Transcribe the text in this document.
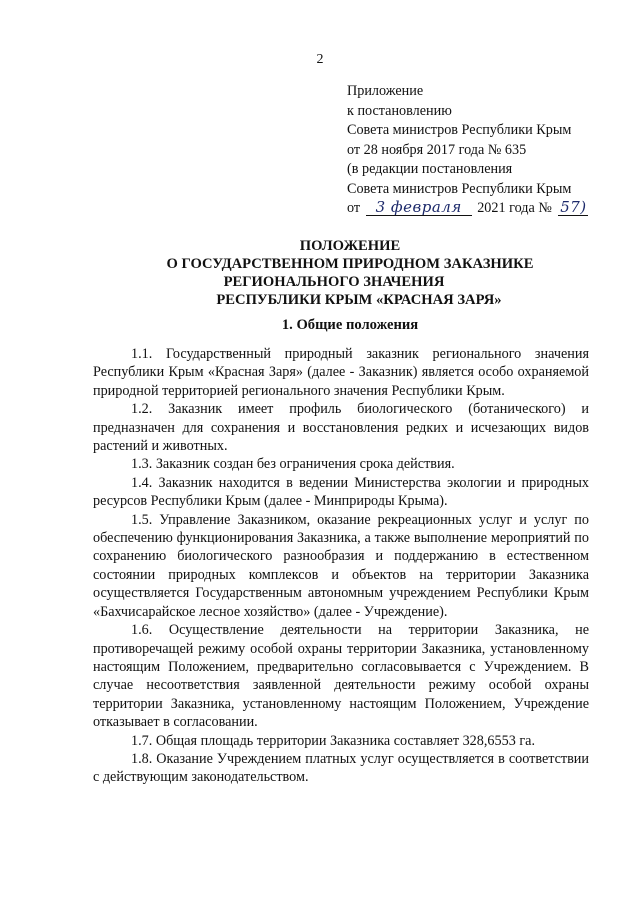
2
Приложение
к постановлению
Совета министров Республики Крым
от 28 ноября 2017 года № 635
(в редакции постановления
Совета министров Республики Крым
от 3 февраля 2021 года № 57)
ПОЛОЖЕНИЕ
О ГОСУДАРСТВЕННОМ ПРИРОДНОМ ЗАКАЗНИКЕ
РЕГИОНАЛЬНОГО ЗНАЧЕНИЯ
РЕСПУБЛИКИ КРЫМ «КРАСНАЯ ЗАРЯ»
1. Общие положения

1.1. Государственный природный заказник регионального значения Республики Крым «Красная Заря» (далее - Заказник) является особо охраняемой природной территорией регионального значения Республики Крым.

1.2. Заказник имеет профиль биологического (ботанического) и предназначен для сохранения и восстановления редких и исчезающих видов растений и животных.

1.3. Заказник создан без ограничения срока действия.

1.4. Заказник находится в ведении Министерства экологии и природных ресурсов Республики Крым (далее - Минприроды Крыма).

1.5. Управление Заказником, оказание рекреационных услуг и услуг по обеспечению функционирования Заказника, а также выполнение мероприятий по сохранению биологического разнообразия и поддержанию в естественном состоянии природных комплексов и объектов на территории Заказника осуществляется Государственным автономным учреждением Республики Крым «Бахчисарайское лесное хозяйство» (далее - Учреждение).

1.6. Осуществление деятельности на территории Заказника, не противоречащей режиму особой охраны территории Заказника, установленному настоящим Положением, предварительно согласовывается с Учреждением. В случае несоответствия заявленной деятельности режиму особой охраны территории Заказника, установленному настоящим Положением, Учреждение отказывает в согласовании.

1.7. Общая площадь территории Заказника составляет 328,6553 га.

1.8. Оказание Учреждением платных услуг осуществляется в соответствии с действующим законодательством.
